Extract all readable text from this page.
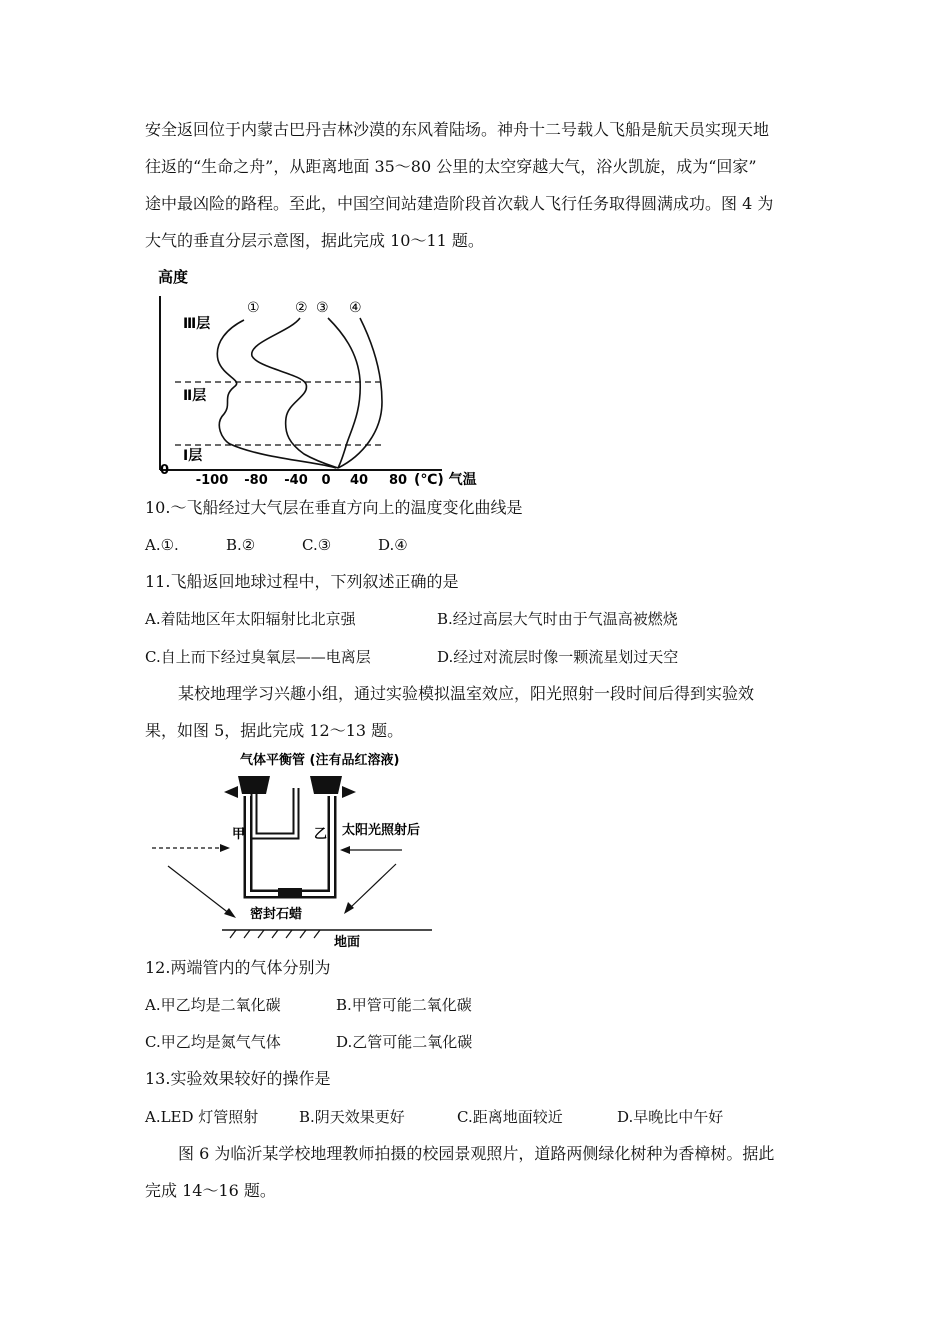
安全返回位于内蒙古巴丹吉林沙漠的东风着陆场。神舟十二号载人飞船是航天员实现天地
往返的“生命之舟”，从距离地面 35～80 公里的太空穿越大气，浴火凯旋，成为“回家”
途中最凶险的路程。至此，中国空间站建造阶段首次载人飞行任务取得圆满成功。图 4 为
大气的垂直分层示意图，据此完成 10～11 题。
高度
0
Ⅲ层
Ⅱ层
Ⅰ层
①	② ③ ④
-100 -80 -40 0 40 80 (℃) 气温
10.～飞船经过大气层在垂直方向上的温度变化曲线是
A.①.	B.②	C.③	D.④
11.飞船返回地球过程中，下列叙述正确的是
A.着陆地区年太阳辐射比北京强	B.经过高层大气时由于气温高被燃烧
C.自上而下经过臭氧层——电离层	D.经过对流层时像一颗流星划过天空
某校地理学习兴趣小组，通过实验模拟温室效应，阳光照射一段时间后得到实验效
果，如图 5，据此完成 12～13 题。
气体平衡管 (注有品红溶液)
甲	乙 太阳光照射后
密封石蜡
地面
12.两端管内的气体分别为
A.甲乙均是二氧化碳	B.甲管可能二氧化碳
C.甲乙均是氮气气体	D.乙管可能二氧化碳
13.实验效果较好的操作是
A.LED 灯管照射	B.阴天效果更好	C.距离地面较近	D.早晚比中午好
图 6 为临沂某学校地理教师拍摄的校园景观照片，道路两侧绿化树种为香樟树。据此
完成 14～16 题。
